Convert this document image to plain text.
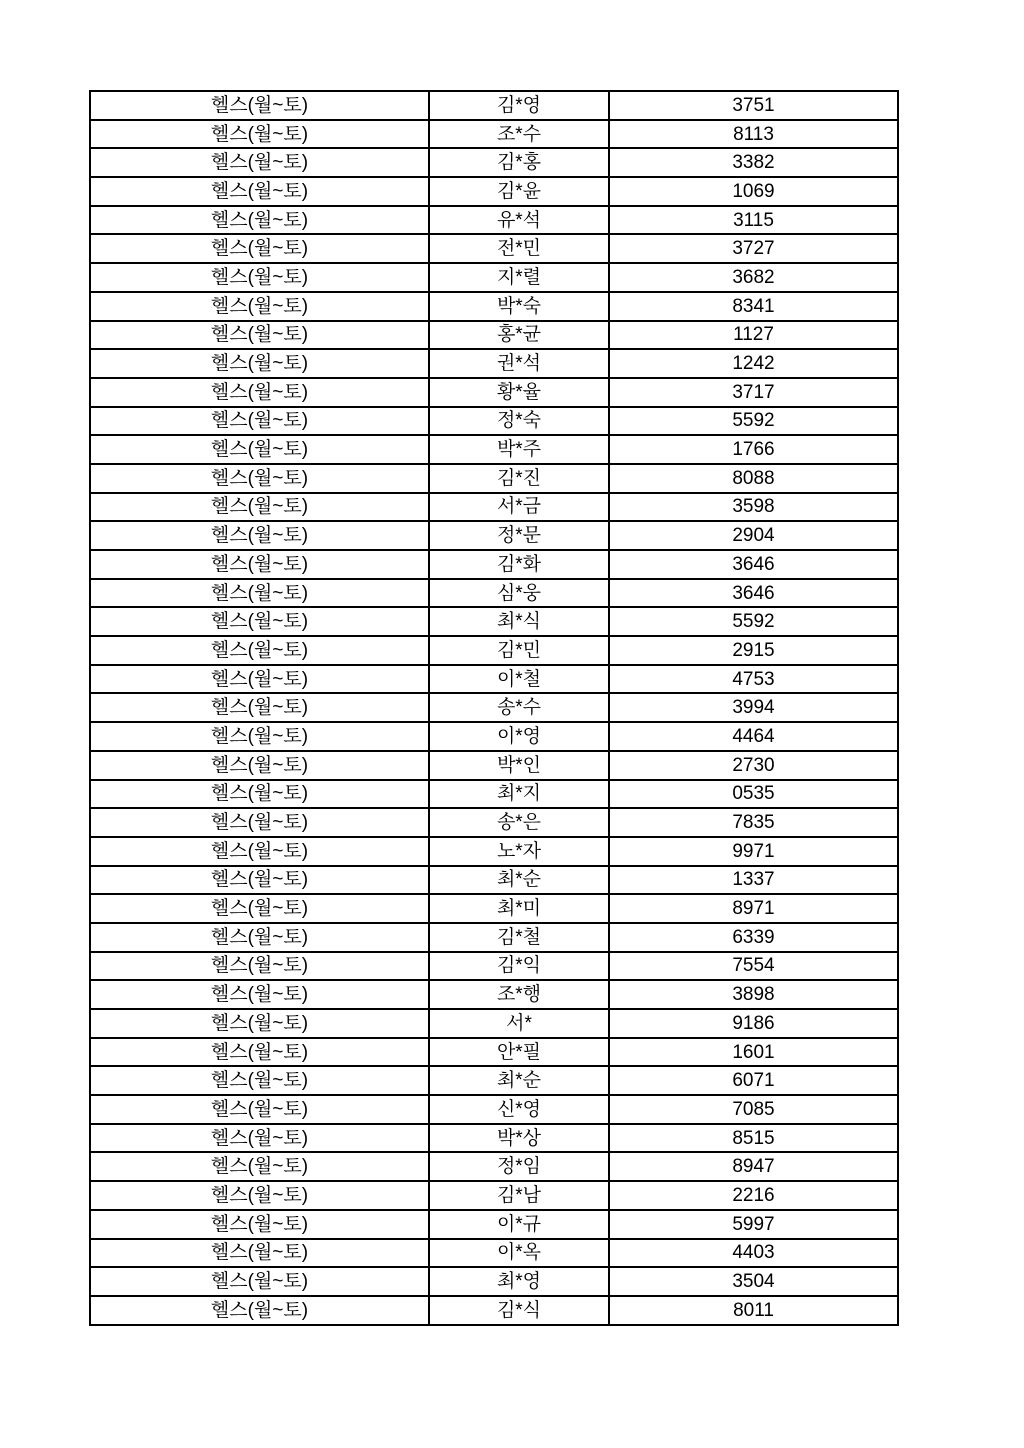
헬스(월~토)	김*영	3751
헬스(월~토)	조*수	8113
헬스(월~토)	김*홍	3382
헬스(월~토)	김*윤	1069
헬스(월~토)	유*석	3115
헬스(월~토)	전*민	3727
헬스(월~토)	지*렬	3682
헬스(월~토)	박*숙	8341
헬스(월~토)	홍*균	1127
헬스(월~토)	권*석	1242
헬스(월~토)	황*율	3717
헬스(월~토)	정*숙	5592
헬스(월~토)	박*주	1766
헬스(월~토)	김*진	8088
헬스(월~토)	서*금	3598
헬스(월~토)	정*문	2904
헬스(월~토)	김*화	3646
헬스(월~토)	심*웅	3646
헬스(월~토)	최*식	5592
헬스(월~토)	김*민	2915
헬스(월~토)	이*철	4753
헬스(월~토)	송*수	3994
헬스(월~토)	이*영	4464
헬스(월~토)	박*인	2730
헬스(월~토)	최*지	0535
헬스(월~토)	송*은	7835
헬스(월~토)	노*자	9971
헬스(월~토)	최*순	1337
헬스(월~토)	최*미	8971
헬스(월~토)	김*철	6339
헬스(월~토)	김*익	7554
헬스(월~토)	조*행	3898
헬스(월~토)	서*	9186
헬스(월~토)	안*필	1601
헬스(월~토)	최*순	6071
헬스(월~토)	신*영	7085
헬스(월~토)	박*상	8515
헬스(월~토)	정*임	8947
헬스(월~토)	김*남	2216
헬스(월~토)	이*규	5997
헬스(월~토)	이*옥	4403
헬스(월~토)	최*영	3504
헬스(월~토)	김*식	8011
